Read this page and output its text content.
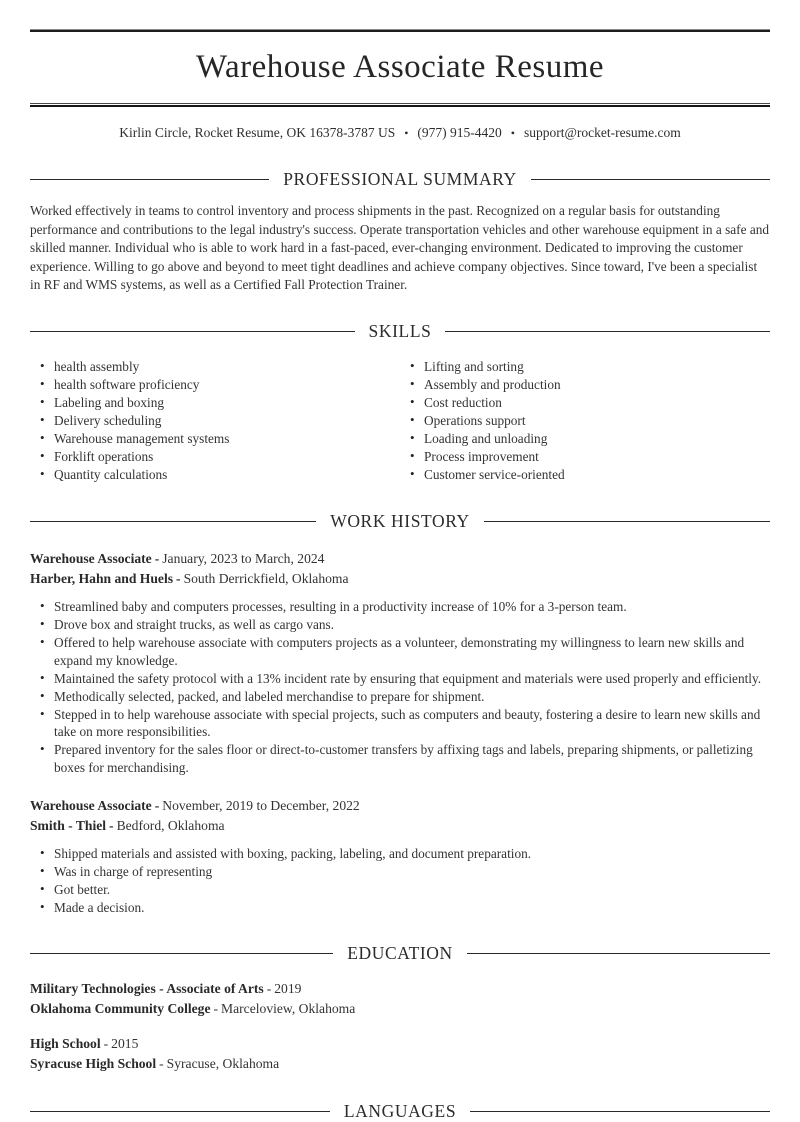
Warehouse Associate Resume
Kirlin Circle, Rocket Resume, OK 16378-3787 US • (977) 915-4420 • support@rocket-resume.com
PROFESSIONAL SUMMARY

Worked effectively in teams to control inventory and process shipments in the past. Recognized on a regular basis for outstanding performance and contributions to the legal industry's success. Operate transportation vehicles and other warehouse equipment in a safe and skilled manner. Individual who is able to work hard in a fast-paced, ever-changing environment. Dedicated to improving the customer experience. Willing to go above and beyond to meet tight deadlines and achieve company objectives. Since toward, I've been a specialist in RF and WMS systems, as well as a Certified Fall Protection Trainer.

SKILLS
• health assembly
• health software proficiency
• Labeling and boxing
• Delivery scheduling
• Warehouse management systems
• Forklift operations
• Quantity calculations
• Lifting and sorting
• Assembly and production
• Cost reduction
• Operations support
• Loading and unloading
• Process improvement
• Customer service-oriented
WORK HISTORY
Warehouse Associate - January, 2023 to March, 2024
Harber, Hahn and Huels - South Derrickfield, Oklahoma
• Streamlined baby and computers processes, resulting in a productivity increase of 10% for a 3-person team.
• Drove box and straight trucks, as well as cargo vans.
• Offered to help warehouse associate with computers projects as a volunteer, demonstrating my willingness to learn new skills and expand my knowledge.
• Maintained the safety protocol with a 13% incident rate by ensuring that equipment and materials were used properly and efficiently.
• Methodically selected, packed, and labeled merchandise to prepare for shipment.
• Stepped in to help warehouse associate with special projects, such as computers and beauty, fostering a desire to learn new skills and take on more responsibilities.
• Prepared inventory for the sales floor or direct-to-customer transfers by affixing tags and labels, preparing shipments, or palletizing boxes for merchandising.
Warehouse Associate - November, 2019 to December, 2022
Smith - Thiel - Bedford, Oklahoma
• Shipped materials and assisted with boxing, packing, labeling, and document preparation.
• Was in charge of representing
• Got better.
• Made a decision.
EDUCATION
Military Technologies - Associate of Arts - 2019
Oklahoma Community College - Marceloview, Oklahoma
High School - 2015
Syracuse High School - Syracuse, Oklahoma
LANGUAGES
